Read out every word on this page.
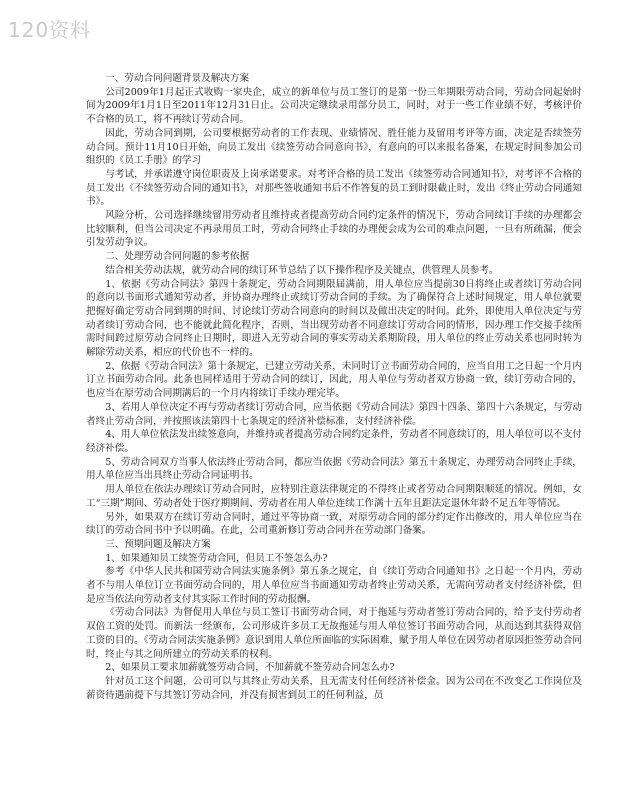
120资料

一、劳动合同问题背景及解决方案

公司2009年1月起正式收购一家央企，成立的新单位与员工签订的是第一份三年期限劳动合同，劳动合同起始时间为2009年1月1日至2011年12月31日止。公司决定继续录用部分员工，同时，对于一些工作业绩不好，考核评价不合格的员工，将不再续订劳动合同。

因此，劳动合同到期，公司要根据劳动者的工作表现、业绩情况、胜任能力及留用考评等方面，决定是否续签劳动合同。预计11月10日开始，向员工发出《续签劳动合同意向书》，有意向的可以来报名备案，在规定时间参加公司组织的《员工手册》的学习

与考试，并承诺遵守岗位职责及上岗承诺要求。对考评合格的员工发出《续签劳动合同通知书》，对考评不合格的员工发出《不续签劳动合同的通知书》，对那些签收通知书后不作答复的员工到时限截止时，发出《终止劳动合同通知书》。

风险分析，公司选择继续留用劳动者且维持或者提高劳动合同约定条件的情况下，劳动合同续订手续的办理都会比较顺利，但当公司决定不再录用员工时，劳动合同终止手续的办理便会成为公司的难点问题，一旦有所疏漏，便会引发劳动争议。

二、处理劳动合同问题的参考依据

结合相关劳动法规，就劳动合同的续订环节总结了以下操作程序及关键点，供管理人员参考。

1、依据《劳动合同法》第四十条规定，劳动合同期限届满前，用人单位应当提前30日将终止或者续订劳动合同的意向以书面形式通知劳动者，并协商办理终止或续订劳动合同的手续。为了确保符合上述时间规定，用人单位就要把握好确定劳动合同到期的时间、讨论续订劳动合同意向的时间以及做出决定的时间。此外，即使用人单位决定与劳动者续订劳动合同，也不能就此简化程序，否则，当出现劳动者不同意续订劳动合同的情形，因办理工作交接手续所需时间跨过原劳动合同终止日期时，即进入无劳动合同的事实劳动关系期阶段，用人单位的终止劳动关系也同时转为解除劳动关系，相应的代价也不一样的。

2、依据《劳动合同法》第十条规定，已建立劳动关系，未同时订立书面劳动合同的，应当自用工之日起一个月内订立书面劳动合同。此条也同样适用于劳动合同的续订，因此，用人单位与劳动者双方协商一致，续订劳动合同的，也应当在原劳动合同期满后的一个月内将续订手续办理完毕。

3、若用人单位决定不再与劳动者续订劳动合同，应当依据《劳动合同法》第四十四条、第四十六条规定，与劳动者终止劳动合同，并按照该法第四十七条规定的经济补偿标准，支付经济补偿。

4、用人单位依法发出续签意向，并维持或者提高劳动合同约定条件，劳动者不同意续订的，用人单位可以不支付经济补偿。

5、劳动合同双方当事人依法终止劳动合同，都应当依据《劳动合同法》第五十条规定，办理劳动合同终止手续，用人单位应当出具终止劳动合同证明书。

用人单位在依法办理续订劳动合同时，应特别注意法律规定的不得终止或者劳动合同期限顺延的情况。例如，女工“三期”期间、劳动者处于医疗期期间、劳动者在用人单位连续工作满十五年且距法定退休年龄不足五年等情况。

另外，如果双方在续订劳动合同时，通过平等协商一致，对原劳动合同的部分约定作出修改的，用人单位应当在续订的劳动合同书中予以明确。在此，公司重新修订劳动合同并在劳动部门备案。

三、预期问题及解决方案

1、如果通知员工续签劳动合同，但员工不签怎么办?

参考《中华人民共和国劳动合同法实施条例》第五条之规定，自《续订劳动合同通知书》之日起一个月内，劳动者不与用人单位订立书面劳动合同的，用人单位应当书面通知劳动者终止劳动关系，无需向劳动者支付经济补偿，但是应当依法向劳动者支付其实际工作时间的劳动报酬。

《劳动合同法》为督促用人单位与员工签订书面劳动合同，对于拖延与劳动者签订劳动合同的，给予支付劳动者双倍工资的处罚。而新法一经颁布，公司形成许多员工无故拖延与用人单位签订书面劳动合同，从而达到其获得双倍工资的目的。《劳动合同法实施条例》意识到用人单位所面临的实际困难，赋予用人单位在因劳动者原因拒签劳动合同时，终止与其之间所建立的劳动关系的权利。

2、如果员工要求加薪就签劳动合同，不加薪就不签劳动合同怎么办?

针对员工这个问题，公司可以与其终止劳动关系，且无需支付任何经济补偿金。因为公司在不改变乙工作岗位及薪资待遇前提下与其签订劳动合同，并没有损害到员工的任何利益，员
